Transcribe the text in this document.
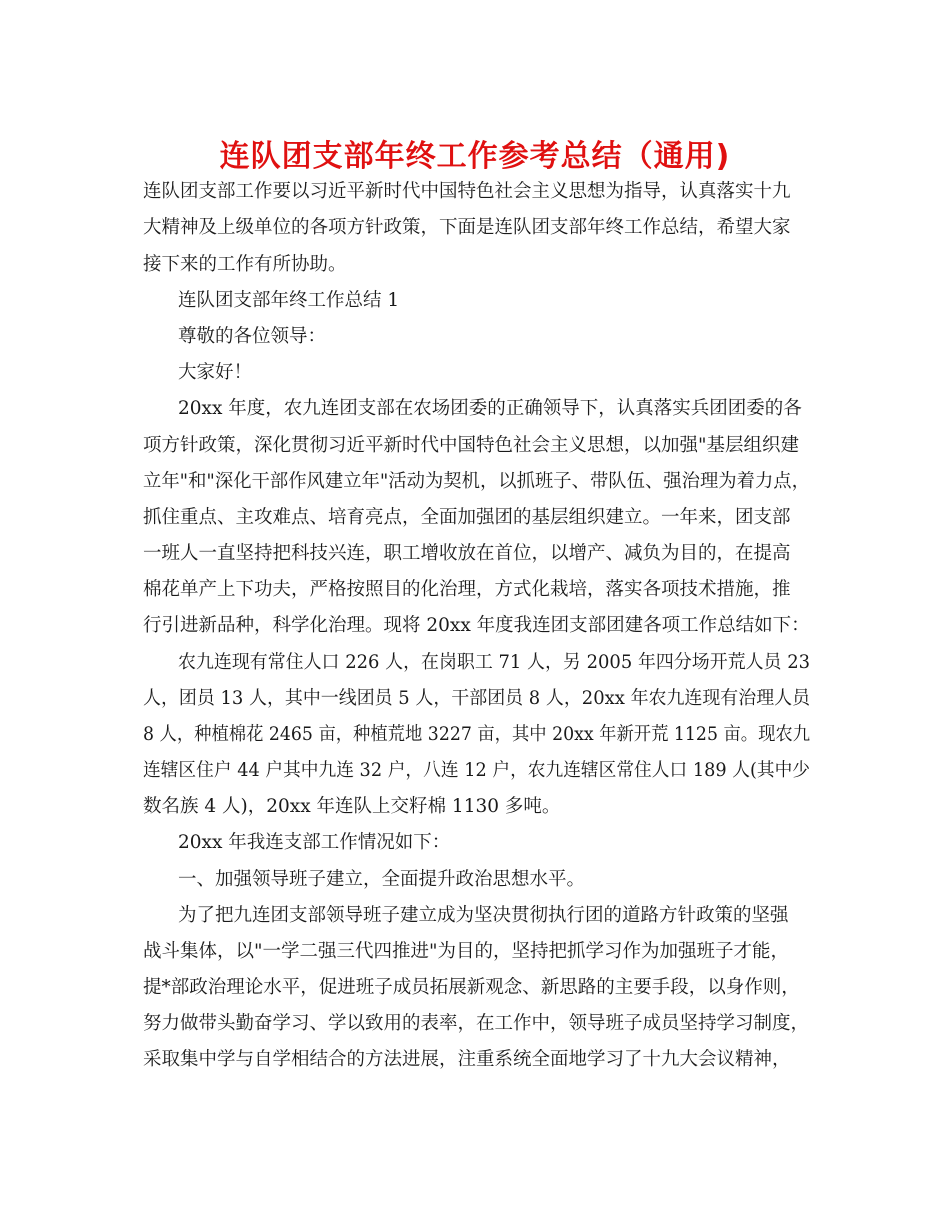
连队团支部年终工作参考总结（通用)
连队团支部工作要以习近平新时代中国特色社会主义思想为指导，认真落实十九
大精神及上级单位的各项方针政策，下面是连队团支部年终工作总结，希望大家
接下来的工作有所协助。
连队团支部年终工作总结 1
尊敬的各位领导：
大家好！
20xx 年度，农九连团支部在农场团委的正确领导下，认真落实兵团团委的各
项方针政策，深化贯彻习近平新时代中国特色社会主义思想，以加强"基层组织建
立年"和"深化干部作风建立年"活动为契机，以抓班子、带队伍、强治理为着力点，
抓住重点、主攻难点、培育亮点，全面加强团的基层组织建立。一年来，团支部
一班人一直坚持把科技兴连，职工增收放在首位，以增产、减负为目的，在提高
棉花单产上下功夫，严格按照目的化治理，方式化栽培，落实各项技术措施，推
行引进新品种，科学化治理。现将 20xx 年度我连团支部团建各项工作总结如下：
农九连现有常住人口 226 人，在岗职工 71 人，另 2005 年四分场开荒人员 23
人，团员 13 人，其中一线团员 5 人，干部团员 8 人，20xx 年农九连现有治理人员
8 人，种植棉花 2465 亩，种植荒地 3227 亩，其中 20xx 年新开荒 1125 亩。现农九
连辖区住户 44 户其中九连 32 户，八连 12 户，农九连辖区常住人口 189 人(其中少
数名族 4 人)，20xx 年连队上交籽棉 1130 多吨。
20xx 年我连支部工作情况如下：
一、加强领导班子建立，全面提升政治思想水平。
为了把九连团支部领导班子建立成为坚决贯彻执行团的道路方针政策的坚强
战斗集体，以"一学二强三代四推进"为目的，坚持把抓学习作为加强班子才能，
提*部政治理论水平，促进班子成员拓展新观念、新思路的主要手段，以身作则，
努力做带头勤奋学习、学以致用的表率，在工作中，领导班子成员坚持学习制度，
采取集中学与自学相结合的方法进展，注重系统全面地学习了十九大会议精神，
